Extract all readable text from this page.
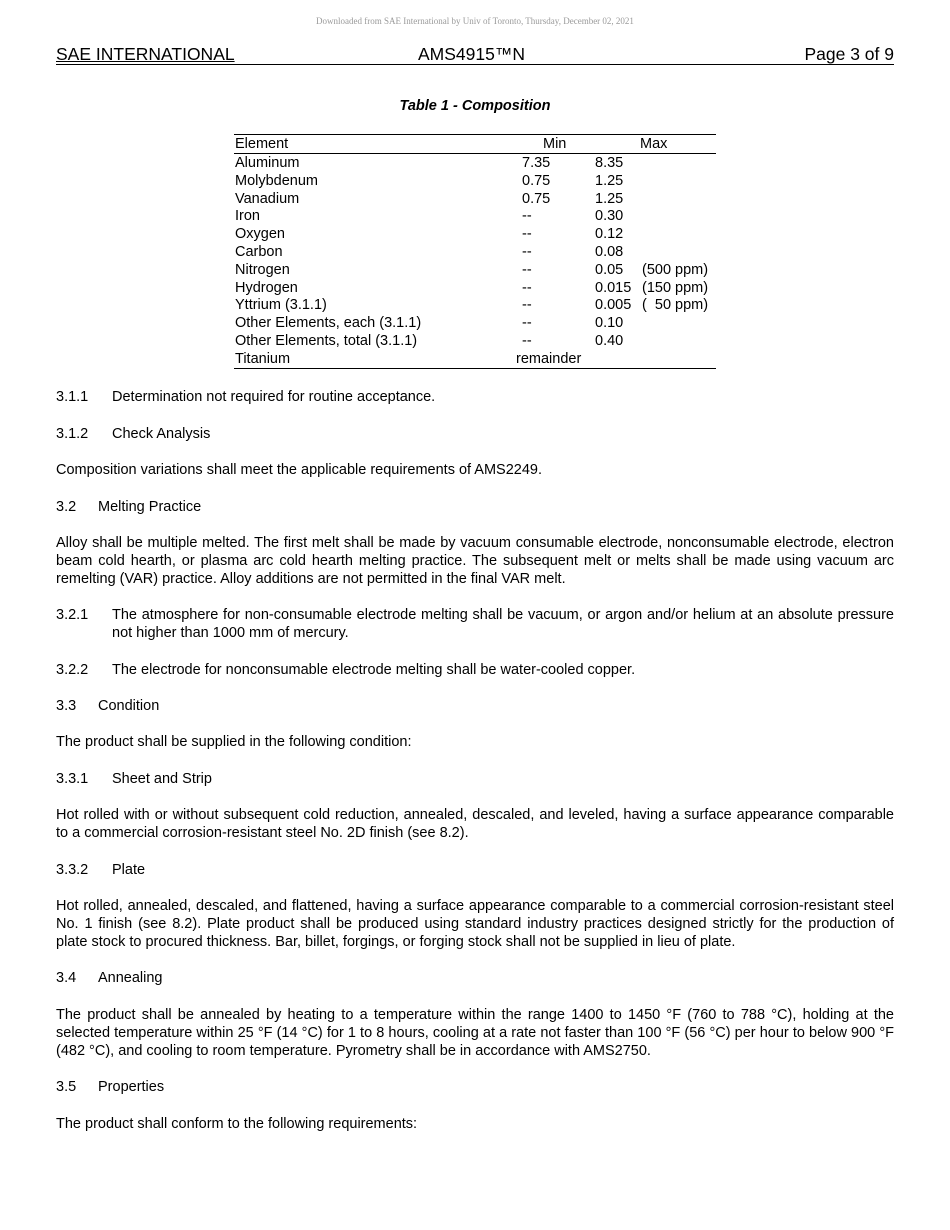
Downloaded from SAE International by Univ of Toronto, Thursday, December 02, 2021
SAE INTERNATIONAL	AMS4915™N	Page 3 of 9
Table 1 - Composition
Element	Min	Max
Aluminum	7.35	8.35
Molybdenum	0.75	1.25
Vanadium	0.75	1.25
Iron	--	0.30
Oxygen	--	0.12
Carbon	--	0.08
Nitrogen	--	0.05 (500 ppm)
Hydrogen	--	0.015 (150 ppm)
Yttrium (3.1.1)	--	0.005 (  50 ppm)
Other Elements, each (3.1.1)	--	0.10
Other Elements, total (3.1.1)	--	0.40
Titanium	remainder
3.1.1 Determination not required for routine acceptance.
3.1.2 Check Analysis
Composition variations shall meet the applicable requirements of AMS2249.
3.2 Melting Practice
Alloy shall be multiple melted. The first melt shall be made by vacuum consumable electrode, nonconsumable electrode, electron beam cold hearth, or plasma arc cold hearth melting practice. The subsequent melt or melts shall be made using vacuum arc remelting (VAR) practice. Alloy additions are not permitted in the final VAR melt.
3.2.1 The atmosphere for non-consumable electrode melting shall be vacuum, or argon and/or helium at an absolute pressure not higher than 1000 mm of mercury.
3.2.2 The electrode for nonconsumable electrode melting shall be water-cooled copper.
3.3 Condition
The product shall be supplied in the following condition:
3.3.1 Sheet and Strip
Hot rolled with or without subsequent cold reduction, annealed, descaled, and leveled, having a surface appearance comparable to a commercial corrosion-resistant steel No. 2D finish (see 8.2).
3.3.2 Plate
Hot rolled, annealed, descaled, and flattened, having a surface appearance comparable to a commercial corrosion-resistant steel No. 1 finish (see 8.2). Plate product shall be produced using standard industry practices designed strictly for the production of plate stock to procured thickness. Bar, billet, forgings, or forging stock shall not be supplied in lieu of plate.
3.4 Annealing
The product shall be annealed by heating to a temperature within the range 1400 to 1450 °F (760 to 788 °C), holding at the selected temperature within 25 °F (14 °C) for 1 to 8 hours, cooling at a rate not faster than 100 °F (56 °C) per hour to below 900 °F (482 °C), and cooling to room temperature. Pyrometry shall be in accordance with AMS2750.
3.5 Properties
The product shall conform to the following requirements:
